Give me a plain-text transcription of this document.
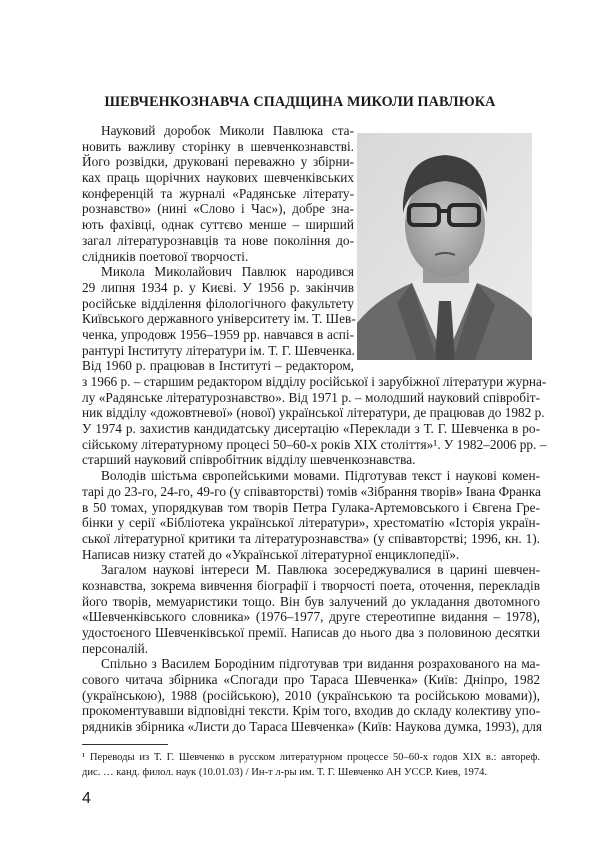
ШЕВЧЕНКОЗНАВЧА СПАДЩИНА МИКОЛИ ПАВЛЮКА
Науковий доробок Миколи Павлюка ста-
новить важливу сторінку в шевченкознавстві.
Його розвідки, друковані переважно у збірни-
ках праць щорічних наукових шевченківських
конференцій та журналі «Радянське літерату-
рознавство» (нині «Слово і Час»), добре зна-
ють фахівці, однак суттєво менше – ширший
загал літературознавців та нове покоління до-
слідників поетової творчості.
Микола Миколайович Павлюк народився
29 липня 1934 р. у Києві. У 1956 р. закінчив
російське відділення філологічного факультету
Київського державного університету ім. Т. Шев-
ченка, упродовж 1956–1959 рр. навчався в аспі-
рантурі Інституту літератури ім. Т. Г. Шевченка.
Від 1960 р. працював в Інституті – редактором,
з 1966 р. – старшим редактором відділу російської і зарубіжної літератури журна-
лу «Радянське літературознавство». Від 1971 р. – молодший науковий співробіт-
ник відділу «дожовтневої» (нової) української літератури, де працював до 1982 р.
У 1974 р. захистив кандидатську дисертацію «Переклади з Т. Г. Шевченка в ро-
сійському літературному процесі 50–60-х років XIX століття»¹. У 1982–2006 рр. –
старший науковий співробітник відділу шевченкознавства.
Володів шістьма європейськими мовами. Підготував текст і наукові комен-
тарі до 23-го, 24-го, 49-го (у співавторстві) томів «Зібрання творів» Івана Франка
в 50 томах, упорядкував том творів Петра Гулака-Артемовського і Євгена Гре-
бінки у серії «Бібліотека української літератури», хрестоматію «Історія україн-
ської літературної критики та літературознавства» (у співавторстві; 1996, кн. 1).
Написав низку статей до «Української літературної енциклопедії».
Загалом наукові інтереси М. Павлюка зосереджувалися в царині шевчен-
кознавства, зокрема вивчення біографії і творчості поета, оточення, перекладів
його творів, мемуаристики тощо. Він був залучений до укладання двотомного
«Шевченківського словника» (1976–1977, друге стереотипне видання – 1978),
удостоєного Шевченківської премії. Написав до нього два з половиною десятки
персоналій.
Спільно з Василем Бородіним підготував три видання розрахованого на ма-
сового читача збірника «Спогади про Тараса Шевченка» (Київ: Дніпро, 1982
(українською), 1988 (російською), 2010 (українською та російською мовами)),
прокоментувавши відповідні тексти. Крім того, входив до складу колективу упо-
рядників збірника «Листи до Тараса Шевченка» (Київ: Наукова думка, 1993), для
¹ Переводы из Т. Г. Шевченко в русском литературном процессе 50–60-х годов XIX в.: автореф.
дис. … канд. филол. наук (10.01.03) / Ин-т л-ры им. Т. Г. Шевченко АН УССР. Киев, 1974.
4
